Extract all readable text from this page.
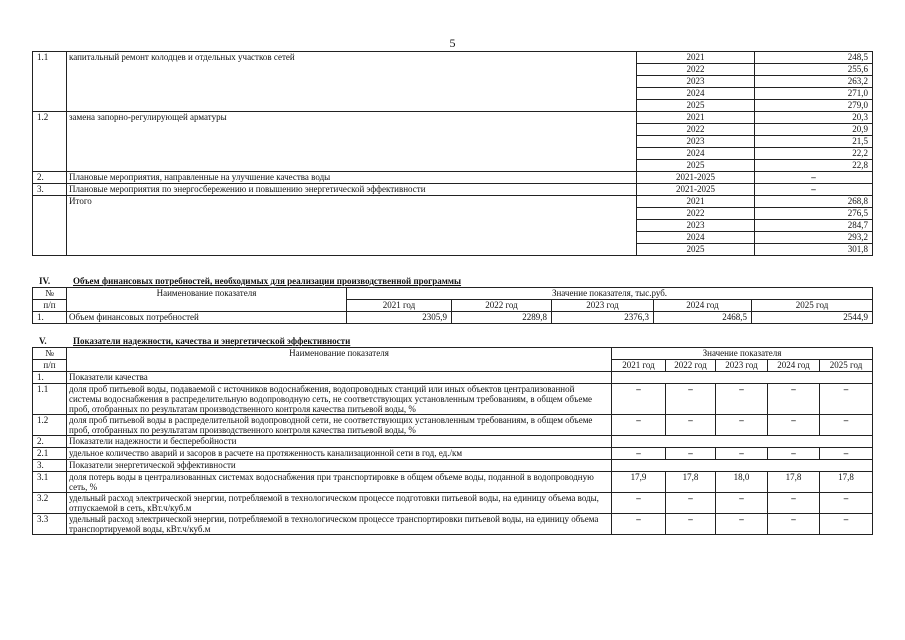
5
1.1	капитальный ремонт колодцев и отдельных участков сетей	2021	248,5
		2022	255,6
		2023	263,2
		2024	271,0
		2025	279,0
1.2	замена запорно-регулирующей арматуры	2021	20,3
		2022	20,9
		2023	21,5
		2024	22,2
		2025	22,8
2.	Плановые мероприятия, направленные на улучшение качества воды	2021-2025	–
3.	Плановые мероприятия по энергосбережению и повышению энергетической эффективности	2021-2025	–
	Итого	2021	268,8
		2022	276,5
		2023	284,7
		2024	293,2
		2025	301,8
IV.	Объем финансовых потребностей, необходимых для реализации производственной программы
№	Наименование показателя	Значение показателя, тыс.руб.				
п/п		2021 год	2022 год	2023 год	2024 год	2025 год
1.	Объем финансовых потребностей	2305,9	2289,8	2376,3	2468,5	2544,9
V.	Показатели надежности, качества и энергетической эффективности
№	Наименование показателя	Значение показателя				
п/п		2021 год	2022 год	2023 год	2024 год	2025 год
1.	Показатели качества					
1.1	доля проб питьевой воды, подаваемой с источников водоснабжения, водопроводных станций или иных объектов централизованной системы водоснабжения в распределительную водопроводную сеть, не соответствующих установленным требованиям, в общем объеме проб, отобранных по результатам производственного контроля качества питьевой воды, %	–	–	–	–	–
1.2	доля проб питьевой воды в распределительной водопроводной сети, не соответствующих установленным требованиям, в общем объеме проб, отобранных по результатам производственного контроля качества питьевой воды, %	–	–	–	–	–
2.	Показатели надежности и бесперебойности					
2.1	удельное количество аварий и засоров в расчете на протяженность канализационной сети в год, ед./км	–	–	–	–	–
3.	Показатели энергетической эффективности					
3.1	доля потерь воды в централизованных системах водоснабжения при транспортировке в общем объеме воды, поданной в водопроводную сеть, %	17,9	17,8	18,0	17,8	17,8
3.2	удельный расход электрической энергии, потребляемой в технологическом процессе подготовки питьевой воды, на единицу объема воды, отпускаемой в сеть, кВт.ч/куб.м	–	–	–	–	–
3.3	удельный расход электрической энергии, потребляемой в технологическом процессе транспортировки питьевой воды, на единицу объема транспортируемой воды, кВт.ч/куб.м	–	–	–	–	–
